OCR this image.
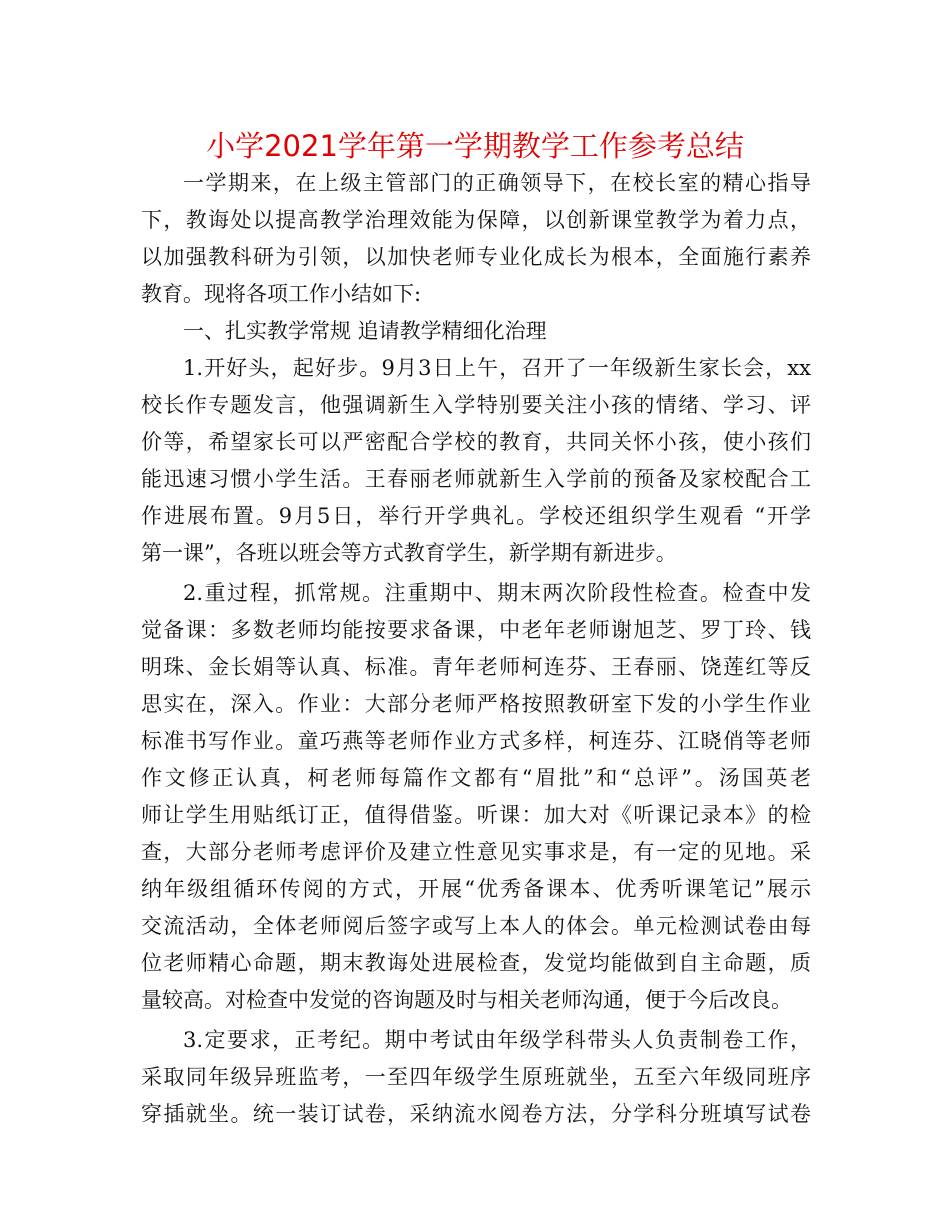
小学2021学年第一学期教学工作参考总结
一学期来，在上级主管部门的正确领导下，在校长室的精心指导
下，教诲处以提高教学治理效能为保障，以创新课堂教学为着力点，
以加强教科研为引领，以加快老师专业化成长为根本，全面施行素养
教育。现将各项工作小结如下:
一、扎实教学常规 追请教学精细化治理
1.开好头，起好步。9月3日上午，召开了一年级新生家长会，xx
校长作专题发言，他强调新生入学特别要关注小孩的情绪、学习、评
价等，希望家长可以严密配合学校的教育，共同关怀小孩，使小孩们
能迅速习惯小学生活。王春丽老师就新生入学前的预备及家校配合工
作进展布置。9月5日，举行开学典礼。学校还组织学生观看 “开学
第一课”，各班以班会等方式教育学生，新学期有新进步。
2.重过程，抓常规。注重期中、期末两次阶段性检查。检查中发
觉备课：多数老师均能按要求备课，中老年老师谢旭芝、罗丁玲、钱
明珠、金长娟等认真、标准。青年老师柯连芬、王春丽、饶莲红等反
思实在，深入。作业：大部分老师严格按照教研室下发的小学生作业
标准书写作业。童巧燕等老师作业方式多样，柯连芬、江晓俏等老师
作文修正认真，柯老师每篇作文都有“眉批”和“总评”。汤国英老
师让学生用贴纸订正，值得借鉴。听课：加大对《听课记录本》的检
查，大部分老师考虑评价及建立性意见实事求是，有一定的见地。采
纳年级组循环传阅的方式，开展“优秀备课本、优秀听课笔记”展示
交流活动，全体老师阅后签字或写上本人的体会。单元检测试卷由每
位老师精心命题，期末教诲处进展检查，发觉均能做到自主命题，质
量较高。对检查中发觉的咨询题及时与相关老师沟通，便于今后改良。
3.定要求，正考纪。期中考试由年级学科带头人负责制卷工作，
采取同年级异班监考，一至四年级学生原班就坐，五至六年级同班序
穿插就坐。统一装订试卷，采纳流水阅卷方法，分学科分班填写试卷
